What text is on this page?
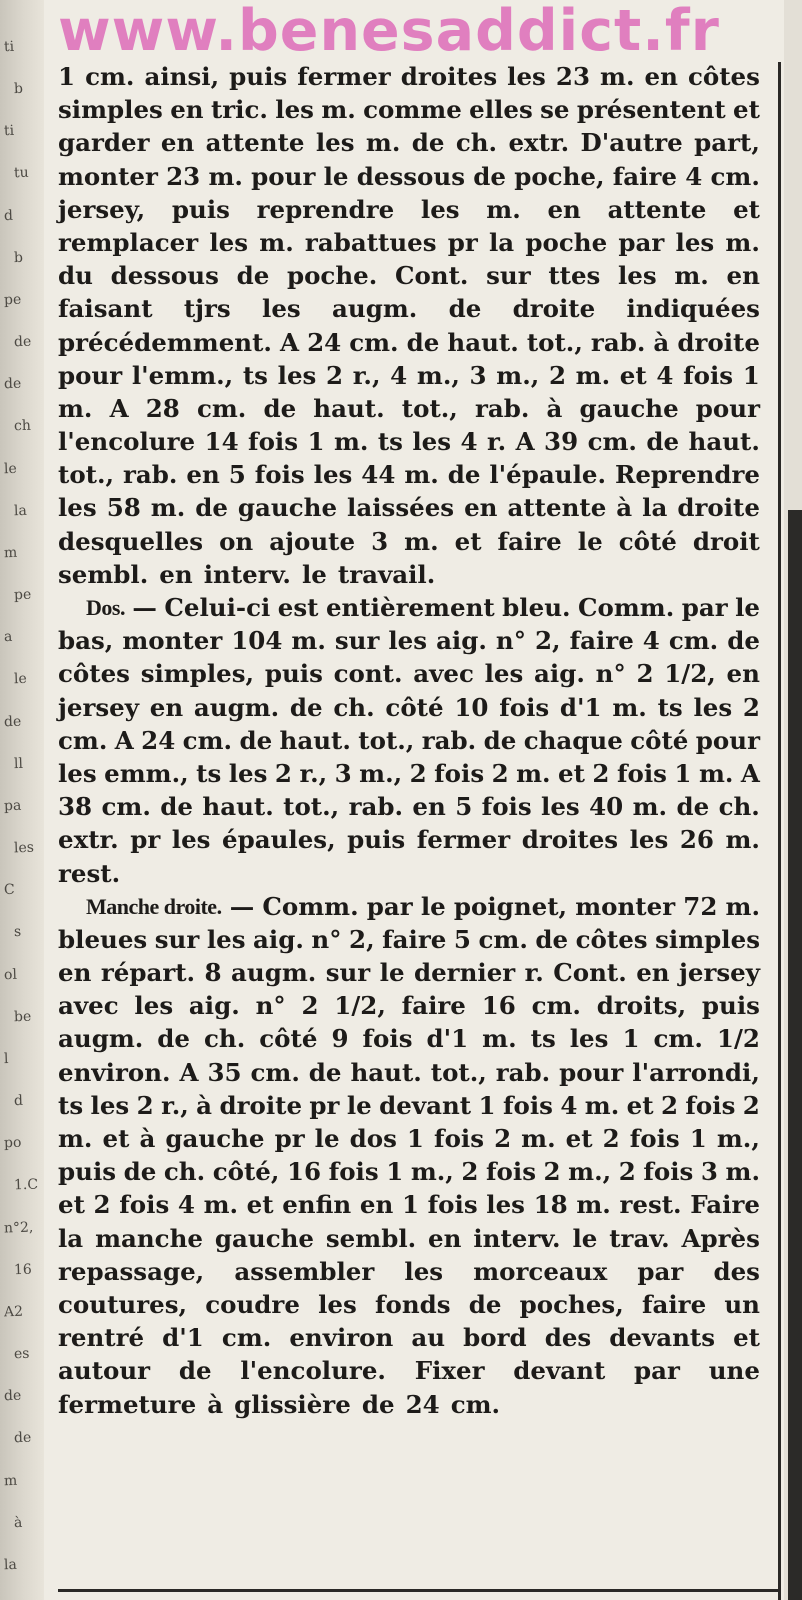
ti
b
ti
tu
d
b
pe
de
de
ch
le
la
m
pe
a
le
de
ll
pa
les
C
s
ol
be
l
d
po
1.C
n°2,
16
A2
es
de
de
m
à
la
www.benesaddict.fr
1 cm. ainsi, puis fermer droites les 23 m. en côtes
simples en tric. les m. comme elles se présentent et
garder en attente les m. de ch. extr. D'autre part,
monter 23 m. pour le dessous de poche, faire 4 cm.
jersey, puis reprendre les m. en attente et
remplacer les m. rabattues pr la poche par les m.
du dessous de poche. Cont. sur ttes les m. en
faisant tjrs les augm. de droite indiquées
précédemment. A 24 cm. de haut. tot., rab. à droite
pour l'emm., ts les 2 r., 4 m., 3 m., 2 m. et 4 fois 1
m. A 28 cm. de haut. tot., rab. à gauche pour
l'encolure 14 fois 1 m. ts les 4 r. A 39 cm. de haut.
tot., rab. en 5 fois les 44 m. de l'épaule. Reprendre
les 58 m. de gauche laissées en attente à la droite
desquelles on ajoute 3 m. et faire le côté droit
sembl. en interv. le travail.
Dos. — Celui-ci est entièrement bleu. Comm. par le
bas, monter 104 m. sur les aig. n° 2, faire 4 cm. de
côtes simples, puis cont. avec les aig. n° 2 1/2, en
jersey en augm. de ch. côté 10 fois d'1 m. ts les 2
cm. A 24 cm. de haut. tot., rab. de chaque côté pour
les emm., ts les 2 r., 3 m., 2 fois 2 m. et 2 fois 1 m. A
38 cm. de haut. tot., rab. en 5 fois les 40 m. de ch.
extr. pr les épaules, puis fermer droites les 26 m.
rest.
Manche droite. — Comm. par le poignet, monter 72 m.
bleues sur les aig. n° 2, faire 5 cm. de côtes simples
en répart. 8 augm. sur le dernier r. Cont. en jersey
avec les aig. n° 2 1/2, faire 16 cm. droits, puis
augm. de ch. côté 9 fois d'1 m. ts les 1 cm. 1/2
environ. A 35 cm. de haut. tot., rab. pour l'arrondi,
ts les 2 r., à droite pr le devant 1 fois 4 m. et 2 fois 2
m. et à gauche pr le dos 1 fois 2 m. et 2 fois 1 m.,
puis de ch. côté, 16 fois 1 m., 2 fois 2 m., 2 fois 3 m.
et 2 fois 4 m. et enfin en 1 fois les 18 m. rest. Faire
la manche gauche sembl. en interv. le trav. Après
repassage, assembler les morceaux par des
coutures, coudre les fonds de poches, faire un
rentré d'1 cm. environ au bord des devants et
autour de l'encolure. Fixer devant par une
fermeture à glissière de 24 cm.
